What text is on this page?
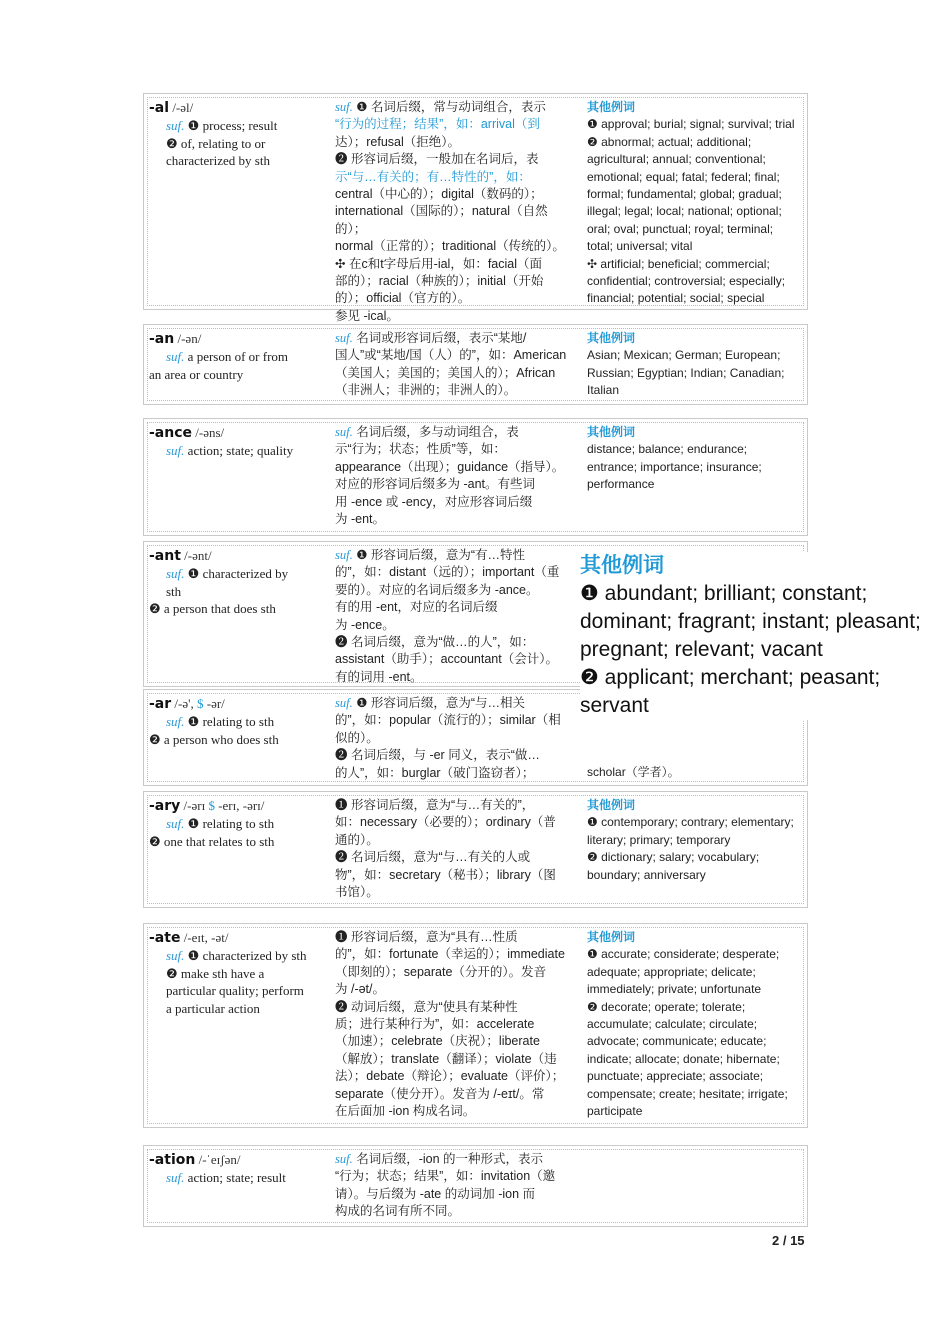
-al /-əl/
suf. ❶ process; result
❷ of, relating to or
characterized by sth

suf. ❶ 名词后缀，常与动词组合，表示

“行为的过程；结果”，如：arrival（到

达）；refusal（拒绝）。

❷ 形容词后缀，一般加在名词后，表

示“与…有关的；有…特性的”，如：

central（中心的）；digital（数码的）；

international（国际的）；natural（自然的）；

normal（正常的）；traditional（传统的）。

✣ 在c和t字母后用-ial，如：facial（面

部的）；racial（种族的）；initial（开始

的）；official（官方的）。

参见 -ical。

其他例词

❶ approval; burial; signal; survival; trial

❷ abnormal; actual; additional;

agricultural; annual; conventional;

emotional; equal; fatal; federal; final;

formal; fundamental; global; gradual;

illegal; legal; local; national; optional;

oral; oval; punctual; royal; terminal;

total; universal; vital

✣ artificial; beneficial; commercial;

confidential; controversial; especially;

financial; potential; social; special

-an /-ən/
suf. a person of or from
an area or country

suf. 名词或形容词后缀，表示“某地/

国人”或“某地/国（人）的”，如：American

（美国人；美国的；美国人的）；African

（非洲人；非洲的；非洲人的）。

其他例词

Asian; Mexican; German; European;

Russian; Egyptian; Indian; Canadian;

Italian

-ance /-əns/
suf. action; state; quality

suf. 名词后缀，多与动词组合，表

示“行为；状态；性质”等，如：

appearance（出现）；guidance（指导）。

对应的形容词后缀多为 -ant。有些词

用 -ence 或 -ency，对应形容词后缀

为 -ent。

其他例词

distance; balance; endurance;

entrance; importance; insurance;

performance

-ant /-ənt/
suf. ❶ characterized by
sth
❷ a person that does sth

suf. ❶ 形容词后缀，意为“有…特性

的”，如：distant（远的）；important（重

要的）。对应的名词后缀多为 -ance。

有的用 -ent，对应的名词后缀

为 -ence。

❷ 名词后缀，意为“做…的人”，如：

assistant（助手）；accountant（会计）。

有的词用 -ent。

-ar /-ə', $ -ər/
suf. ❶ relating to sth
❷ a person who does sth

suf. ❶ 形容词后缀，意为“与…相关

的”，如：popular（流行的）；similar（相

似的）。

❷ 名词后缀，与 -er 同义，表示“做…

的人”，如：burglar（破门盗窃者）；	scholar（学者）。
-ary /-ərɪ $ -erɪ, -ərɪ/
suf. ❶ relating to sth
❷ one that relates to sth

❶ 形容词后缀，意为“与…有关的”，

如：necessary（必要的）；ordinary（普

通的）。

❷ 名词后缀，意为“与…有关的人或

物”，如：secretary（秘书）；library（图

书馆）。

其他例词

❶ contemporary; contrary; elementary;

literary; primary; temporary

❷ dictionary; salary; vocabulary;

boundary; anniversary

-ate /-eɪt, -ət/
suf. ❶ characterized by sth
❷ make sth have a
particular quality; perform
a particular action

❶ 形容词后缀，意为“具有…性质

的”，如：fortunate（幸运的）；immediate

（即刻的）；separate（分开的）。发音

为 /-ət/。

❷ 动词后缀，意为“使具有某种性

质；进行某种行为”，如：accelerate

（加速）；celebrate（庆祝）；liberate

（解放）；translate（翻译）；violate（违

法）；debate（辩论）；evaluate（评价）；

separate（使分开）。发音为 /-eɪt/。常

在后面加 -ion 构成名词。

其他例词

❶ accurate; considerate; desperate;

adequate; appropriate; delicate;

immediately; private; unfortunate

❷ decorate; operate; tolerate;

accumulate; calculate; circulate;

advocate; communicate; educate;

indicate; allocate; donate; hibernate;

punctuate; appreciate; associate;

compensate; create; hesitate; irrigate;

participate

-ation /-ˈeɪʃən/
suf. action; state; result

suf. 名词后缀，-ion 的一种形式，表示

“行为；状态；结果”，如：invitation（邀

请）。与后缀为 -ate 的动词加 -ion 而

构成的名词有所不同。

其他例词
❶ abundant; brilliant; constant;
dominant; fragrant; instant; pleasant;
pregnant; relevant; vacant
❷ applicant; merchant; peasant;
servant
2 / 15
